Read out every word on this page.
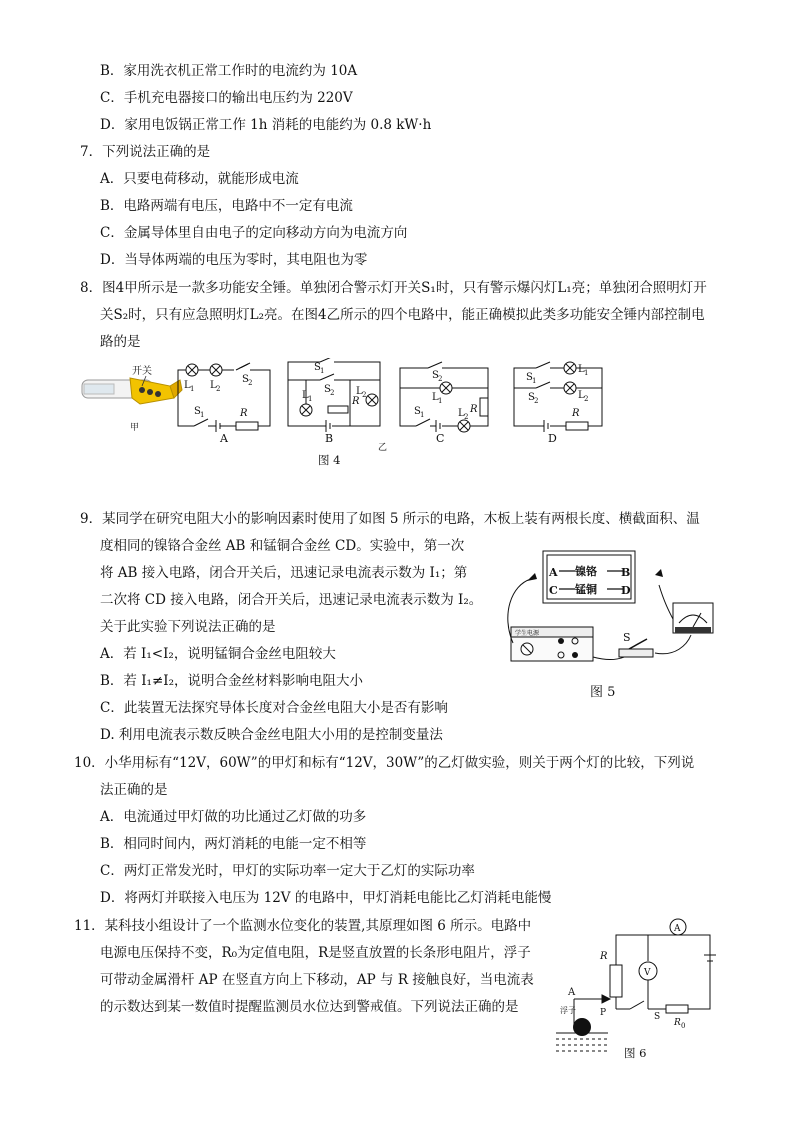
B．家用洗衣机正常工作时的电流约为 10A
C．手机充电器接口的输出电压约为 220V
D．家用电饭锅正常工作 1h 消耗的电能约为 0.8 kW·h
7．下列说法正确的是
A．只要电荷移动，就能形成电流
B．电路两端有电压，电路中不一定有电流
C．金属导体里自由电子的定向移动方向为电流方向
D．当导体两端的电压为零时，其电阻也为零
8．图4甲所示是一款多功能安全锤。单独闭合警示灯开关S₁时，只有警示爆闪灯L₁亮；单独闭合照明灯开
关S₂时，只有应急照明灯L₂亮。在图4乙所示的四个电路中，能正确模拟此类多功能安全锤内部控制电
路的是
开关
甲
L 1 L 2
S 2
S 1	R
A
S 1
S 2
L 1
L 2
R
B
乙
S 2
L 1
R
L 2
S 1
C
S 1
L 1
S 2	L 2
R
D
图 4
9．某同学在研究电阻大小的影响因素时使用了如图 5 所示的电路，木板上装有两根长度、横截面积、温
度相同的镍铬合金丝 AB 和锰铜合金丝 CD。实验中，第一次
将 AB 接入电路，闭合开关后，迅速记录电流表示数为 I₁；第
二次将 CD 接入电路，闭合开关后，迅速记录电流表示数为 I₂。
关于此实验下列说法正确的是
A．若 I₁<I₂，说明锰铜合金丝电阻较大
B．若 I₁≠I₂，说明合金丝材料影响电阻大小
C．此装置无法探究导体长度对合金丝电阻大小是否有影响
D. 利用电流表示数反映合金丝电阻大小用的是控制变量法
A	B
C	D
镍铬
锰铜
学生电源	S
图 5
10．小华用标有“12V，60W”的甲灯和标有“12V，30W”的乙灯做实验，则关于两个灯的比较，下列说
法正确的是
A．电流通过甲灯做的功比通过乙灯做的功多
B．相同时间内，两灯消耗的电能一定不相等
C．两灯正常发光时，甲灯的实际功率一定大于乙灯的实际功率
D．将两灯并联接入电压为 12V 的电路中，甲灯消耗电能比乙灯消耗电能慢
11．某科技小组设计了一个监测水位变化的装置,其原理如图 6 所示。电路中
电源电压保持不变，R₀为定值电阻，R是竖直放置的长条形电阻片，浮子
可带动金属滑杆 AP 在竖直方向上下移动，AP 与 R 接触良好，当电流表
的示数达到某一数值时提醒监测员水位达到警戒值。下列说法正确的是
A
V
R
A
P	S
R 0
浮子
图 6
